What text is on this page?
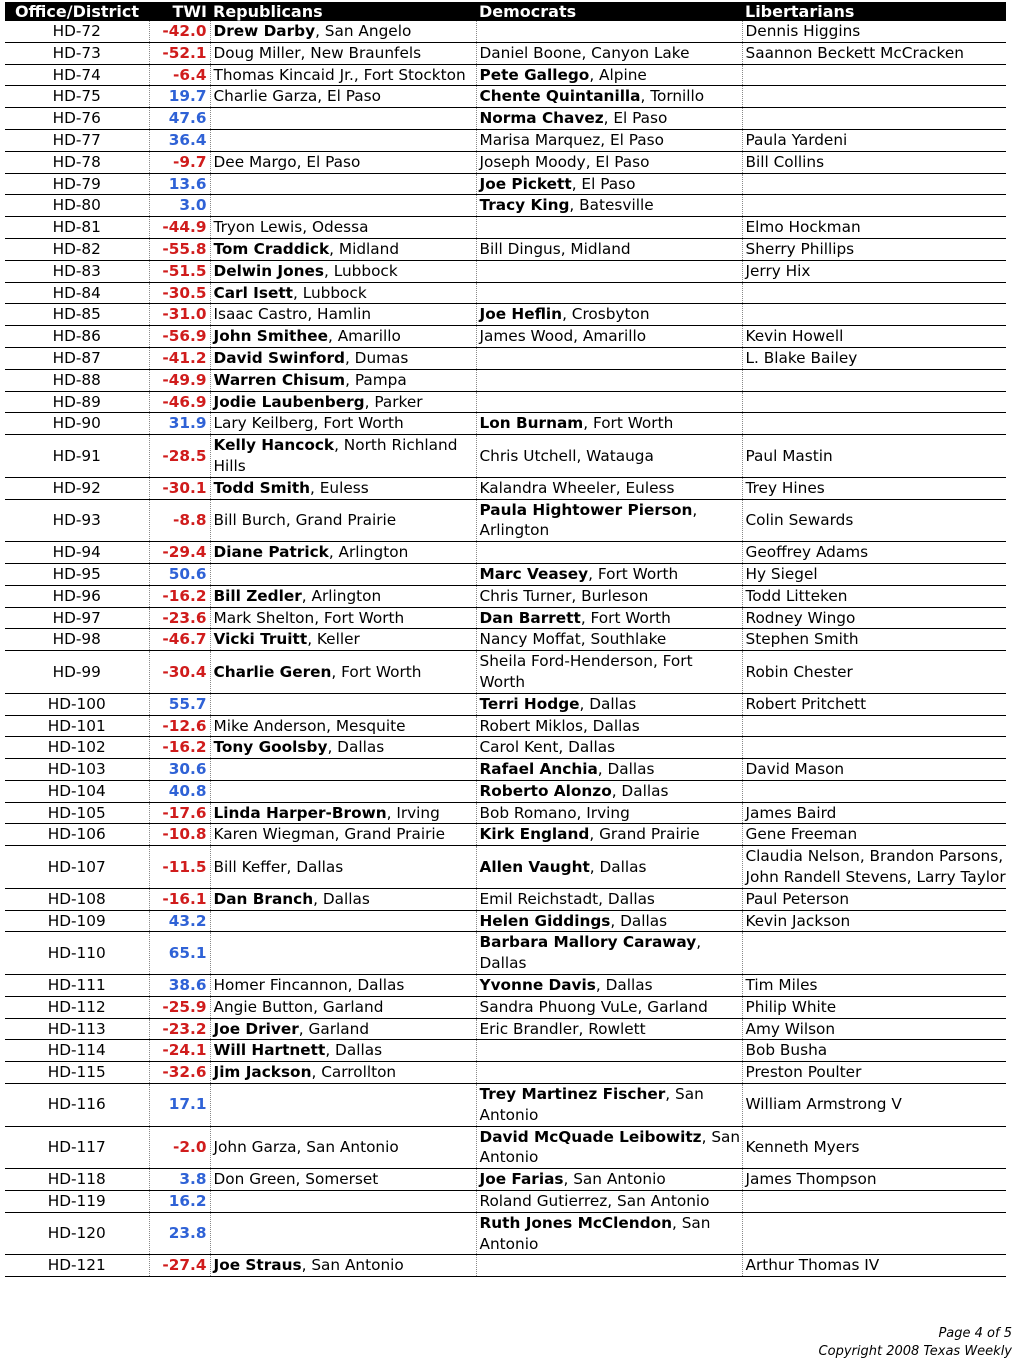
Office/District	TWI	Republicans	Democrats	Libertarians
HD-72	-42.0	Drew Darby, San Angelo		Dennis Higgins
HD-73	-52.1	Doug Miller, New Braunfels	Daniel Boone, Canyon Lake	Saannon Beckett McCracken
HD-74	-6.4	Thomas Kincaid Jr., Fort Stockton	Pete Gallego, Alpine	
HD-75	19.7	Charlie Garza, El Paso	Chente Quintanilla, Tornillo	
HD-76	47.6		Norma Chavez, El Paso	
HD-77	36.4		Marisa Marquez, El Paso	Paula Yardeni
HD-78	-9.7	Dee Margo, El Paso	Joseph Moody, El Paso	Bill Collins
HD-79	13.6		Joe Pickett, El Paso	
HD-80	3.0		Tracy King, Batesville	
HD-81	-44.9	Tryon Lewis, Odessa		Elmo Hockman
HD-82	-55.8	Tom Craddick, Midland	Bill Dingus, Midland	Sherry Phillips
HD-83	-51.5	Delwin Jones, Lubbock		Jerry Hix
HD-84	-30.5	Carl Isett, Lubbock		
HD-85	-31.0	Isaac Castro, Hamlin	Joe Heflin, Crosbyton	
HD-86	-56.9	John Smithee, Amarillo	James Wood, Amarillo	Kevin Howell
HD-87	-41.2	David Swinford, Dumas		L. Blake Bailey
HD-88	-49.9	Warren Chisum, Pampa		
HD-89	-46.9	Jodie Laubenberg, Parker		
HD-90	31.9	Lary Keilberg, Fort Worth	Lon Burnam, Fort Worth	
HD-91	-28.5	Kelly Hancock, North Richland Hills	Chris Utchell, Watauga	Paul Mastin
HD-92	-30.1	Todd Smith, Euless	Kalandra Wheeler, Euless	Trey Hines
HD-93	-8.8	Bill Burch, Grand Prairie	Paula Hightower Pierson, Arlington	Colin Sewards
HD-94	-29.4	Diane Patrick, Arlington		Geoffrey Adams
HD-95	50.6		Marc Veasey, Fort Worth	Hy Siegel
HD-96	-16.2	Bill Zedler, Arlington	Chris Turner, Burleson	Todd Litteken
HD-97	-23.6	Mark Shelton, Fort Worth	Dan Barrett, Fort Worth	Rodney Wingo
HD-98	-46.7	Vicki Truitt, Keller	Nancy Moffat, Southlake	Stephen Smith
HD-99	-30.4	Charlie Geren, Fort Worth	Sheila Ford-Henderson, Fort Worth	Robin Chester
HD-100	55.7		Terri Hodge, Dallas	Robert Pritchett
HD-101	-12.6	Mike Anderson, Mesquite	Robert Miklos, Dallas	
HD-102	-16.2	Tony Goolsby, Dallas	Carol Kent, Dallas	
HD-103	30.6		Rafael Anchia, Dallas	David Mason
HD-104	40.8		Roberto Alonzo, Dallas	
HD-105	-17.6	Linda Harper-Brown, Irving	Bob Romano, Irving	James Baird
HD-106	-10.8	Karen Wiegman, Grand Prairie	Kirk England, Grand Prairie	Gene Freeman
HD-107	-11.5	Bill Keffer, Dallas	Allen Vaught, Dallas	Claudia Nelson, Brandon Parsons, John Randell Stevens, Larry Taylor
HD-108	-16.1	Dan Branch, Dallas	Emil Reichstadt, Dallas	Paul Peterson
HD-109	43.2		Helen Giddings, Dallas	Kevin Jackson
HD-110	65.1		Barbara Mallory Caraway, Dallas	
HD-111	38.6	Homer Fincannon, Dallas	Yvonne Davis, Dallas	Tim Miles
HD-112	-25.9	Angie Button, Garland	Sandra Phuong VuLe, Garland	Philip White
HD-113	-23.2	Joe Driver, Garland	Eric Brandler, Rowlett	Amy Wilson
HD-114	-24.1	Will Hartnett, Dallas		Bob Busha
HD-115	-32.6	Jim Jackson, Carrollton		Preston Poulter
HD-116	17.1		Trey Martinez Fischer, San Antonio	William Armstrong V
HD-117	-2.0	John Garza, San Antonio	David McQuade Leibowitz, San Antonio	Kenneth Myers
HD-118	3.8	Don Green, Somerset	Joe Farias, San Antonio	James Thompson
HD-119	16.2		Roland Gutierrez, San Antonio	
HD-120	23.8		Ruth Jones McClendon, San Antonio	
HD-121	-27.4	Joe Straus, San Antonio		Arthur Thomas IV
Page 4 of 5
Copyright 2008 Texas Weekly
